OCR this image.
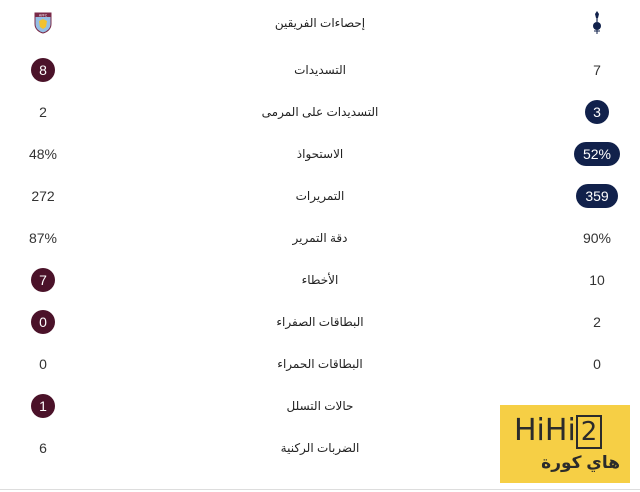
AVFC
إحصاءات الفريقين
8	التسديدات	7
2	التسديدات على المرمى	3
48%	الاستحواذ	52%
272	التمريرات	359
87%	دقة التمرير	90%
7	الأخطاء	10
0	البطاقات الصفراء	2
0	البطاقات الحمراء	0
1	حالات التسلل
6	الضربات الركنية	HiHi 2
هاي كورة
